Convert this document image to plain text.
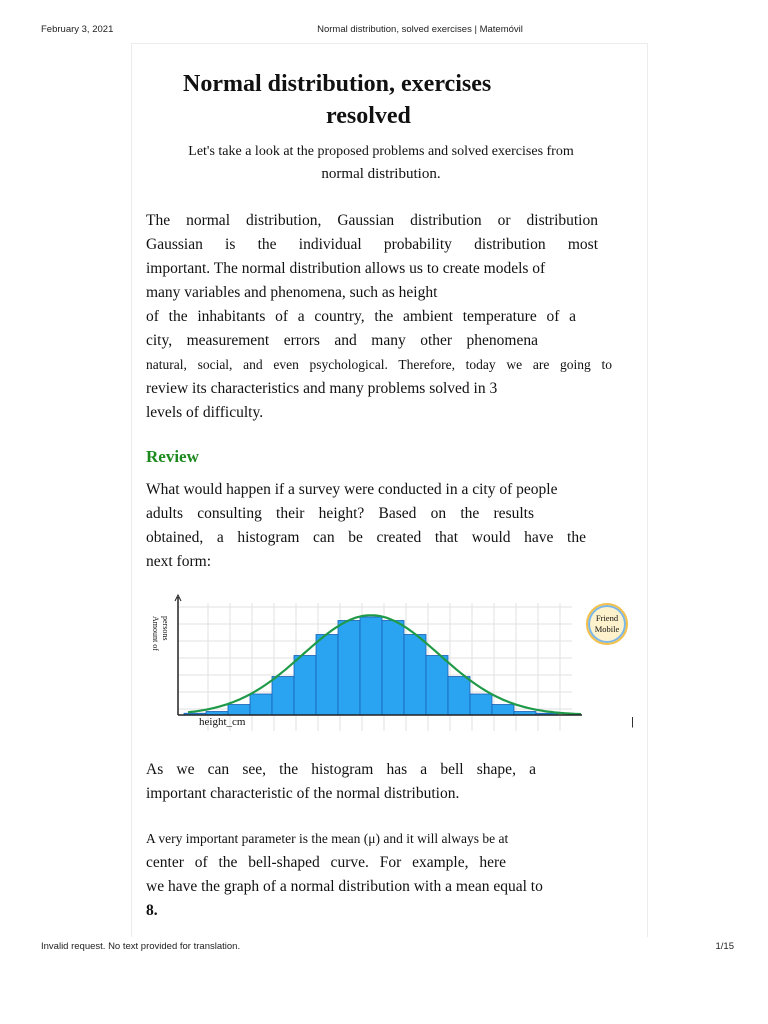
February 3, 2021	Normal distribution, solved exercises | Matemóvil
Normal distribution, exercises
resolved
Let's take a look at the proposed problems and solved exercises from
normal distribution.
The normal distribution, Gaussian distribution or distribution
Gaussian is the individual probability distribution most
important. The normal distribution allows us to create models of
many variables and phenomena, such as height
of the inhabitants of a country, the ambient temperature of a
city, measurement errors and many other phenomena
natural, social, and even psychological. Therefore, today we are going to
review its characteristics and many problems solved in 3
levels of difficulty.
Review
What would happen if a survey were conducted in a city of people
adults consulting their height? Based on the results
obtained, a histogram can be created that would have the
next form:
Amount of persons
height_cm
Friend
Mobile
|
As we can see, the histogram has a bell shape, a
important characteristic of the normal distribution.
A very important parameter is the mean (μ) and it will always be at
center of the bell-shaped curve. For example, here
we have the graph of a normal distribution with a mean equal to
8.
Invalid request. No text provided for translation.	1/15
